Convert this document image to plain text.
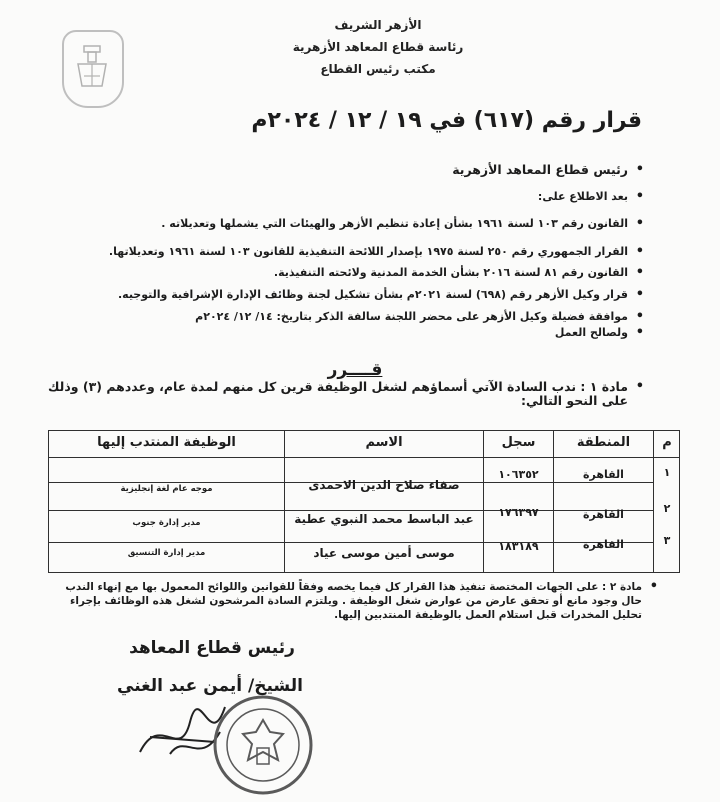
الأزهر الشريف
رئاسة قطاع المعاهد الأزهرية
مكتب رئيس القطاع
قرار رقم (٦١٧) في ١٩ / ١٢ / ٢٠٢٤م
• رئيس قطاع المعاهد الأزهرية
• بعد الاطلاع على:
• القانون رقم ١٠٣ لسنة ١٩٦١ بشأن إعادة تنظيم الأزهر والهيئات التي يشملها وتعديلاته .
• القرار الجمهوري رقم ٢٥٠ لسنة ١٩٧٥ بإصدار اللائحة التنفيذية للقانون ١٠٣ لسنة ١٩٦١ وتعديلاتها.
• القانون رقم ٨١ لسنة ٢٠١٦ بشأن الخدمة المدنية ولائحته التنفيذية.
• قرار وكيل الأزهر رقم (٦٩٨) لسنة ٢٠٢١م بشأن تشكيل لجنة وظائف الإدارة الإشرافية والتوجيه.
• موافقة فضيلة وكيل الأزهر على محضر اللجنة سالفة الذكر بتاريخ: ١٤/ ١٢/ ٢٠٢٤م
• ولصالح العمل
قــــرر
• مادة ١ : ندب السادة الآتي أسماؤهم لشغل الوظيفة قرين كل منهم لمدة عام، وعددهم (٣) وذلك على النحو التالي:
م
المنطقة
سجل
الاسم
الوظيفة المنتدب إليها
١
القاهرة
١٠٦٣٥٢
صفاء صلاح الدين الاحمدى
موجه عام لغة إنجليزية
٢
القاهرة
١٧٦٣٩٧
عبد الباسط محمد النبوي عطية
مدير إدارة جنوب
٣
القاهرة
١٨٣١٨٩
موسى أمين موسى عياد
مدير إدارة التنسيق
• مادة ٢ : على الجهات المختصة تنفيذ هذا القرار كل فيما يخصه وفقاً للقوانين واللوائح المعمول بها مع إنهاء الندب حال وجود مانع أو تحقق عارض من عوارض شغل الوظيفة . ويلتزم السادة المرشحون لشغل هذه الوظائف بإجراء تحليل المخدرات قبل استلام العمل بالوظيفة المنتدبين إليها.
رئيس قطاع المعاهد
الشيخ/ أيمن عبد الغني
